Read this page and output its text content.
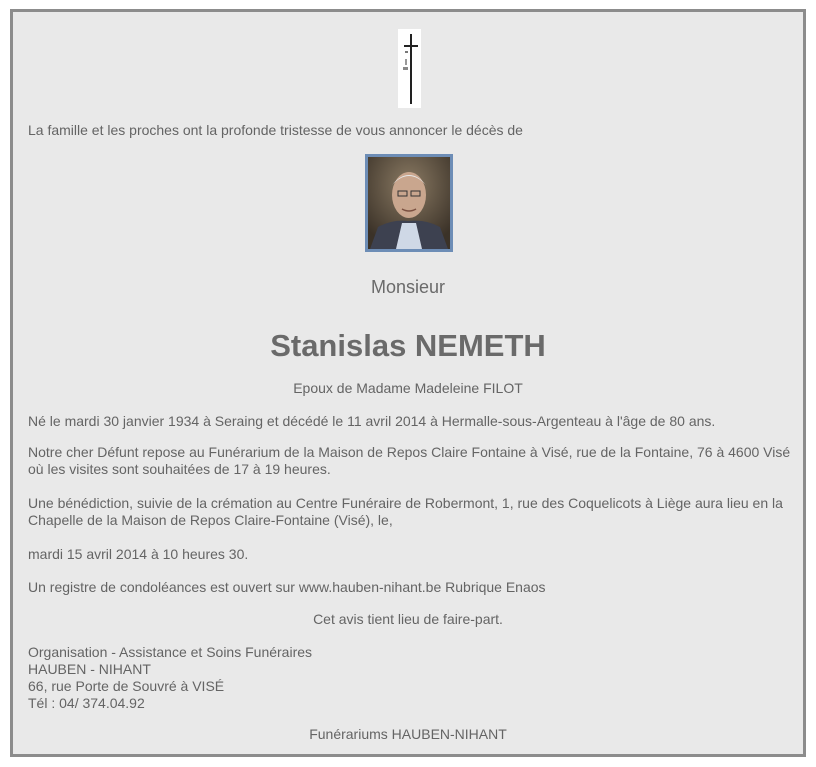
La famille et les proches ont la profonde tristesse de vous annoncer le décès de
Monsieur
Stanislas NEMETH
Epoux de Madame Madeleine FILOT
Né le mardi 30 janvier 1934 à Seraing et décédé le 11 avril 2014 à Hermalle-sous-Argenteau à l'âge de 80 ans.
Notre cher Défunt repose au Funérarium de la Maison de Repos Claire Fontaine à Visé, rue de la Fontaine, 76 à 4600 Visé où les visites sont souhaitées de 17 à 19 heures.
Une bénédiction, suivie de la crémation au Centre Funéraire de Robermont, 1, rue des Coquelicots à Liège aura lieu en la Chapelle de la Maison de Repos Claire-Fontaine (Visé), le,
mardi 15 avril 2014 à 10 heures 30.
Un registre de condoléances est ouvert sur www.hauben-nihant.be Rubrique Enaos
Cet avis tient lieu de faire-part.
Organisation - Assistance et Soins Funéraires
HAUBEN - NIHANT
66, rue Porte de Souvré à VISÉ
Tél : 04/ 374.04.92
Funérariums HAUBEN-NIHANT
